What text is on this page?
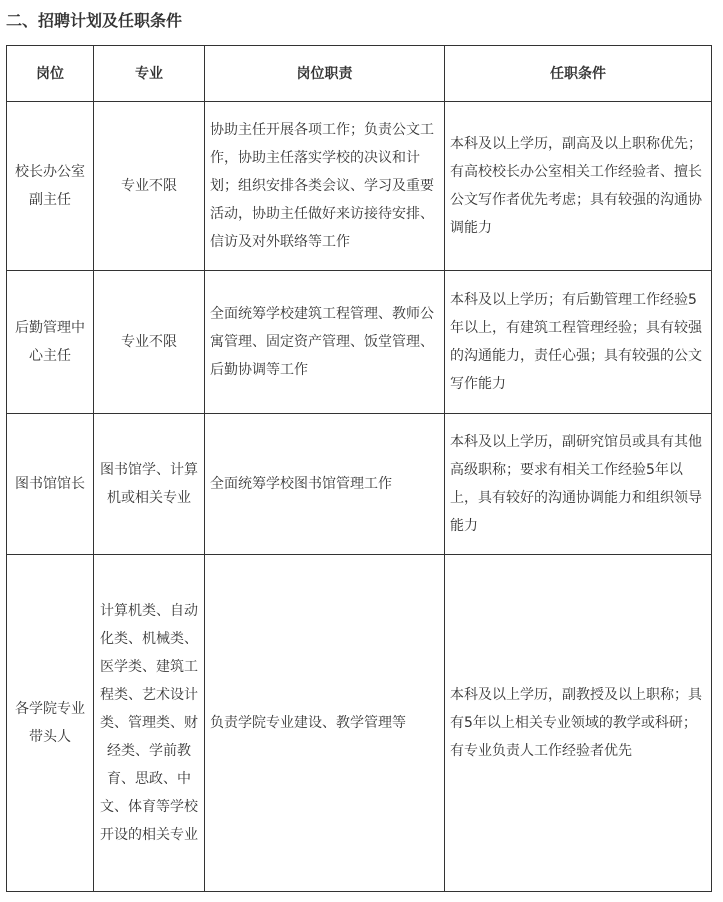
二、招聘计划及任职条件
岗位	专业	岗位职责	任职条件
校长办公室副主任	专业不限	协助主任开展各项工作；负责公文工作，协助主任落实学校的决议和计划；组织安排各类会议、学习及重要活动，协助主任做好来访接待安排、信访及对外联络等工作	本科及以上学历，副高及以上职称优先；有高校校长办公室相关工作经验者、擅长公文写作者优先考虑；具有较强的沟通协调能力
后勤管理中心主任	专业不限	全面统筹学校建筑工程管理、教师公寓管理、固定资产管理、饭堂管理、后勤协调等工作	本科及以上学历；有后勤管理工作经验5年以上，有建筑工程管理经验；具有较强的沟通能力，责任心强；具有较强的公文写作能力
图书馆馆长	图书馆学、计算机或相关专业	全面统筹学校图书馆管理工作	本科及以上学历，副研究馆员或具有其他高级职称；要求有相关工作经验5年以上，具有较好的沟通协调能力和组织领导能力
各学院专业带头人	计算机类、自动化类、机械类、医学类、建筑工程类、艺术设计类、管理类、财经类、学前教育、思政、中文、体育等学校开设的相关专业	负责学院专业建设、教学管理等	本科及以上学历，副教授及以上职称；具有5年以上相关专业领域的教学或科研；有专业负责人工作经验者优先
